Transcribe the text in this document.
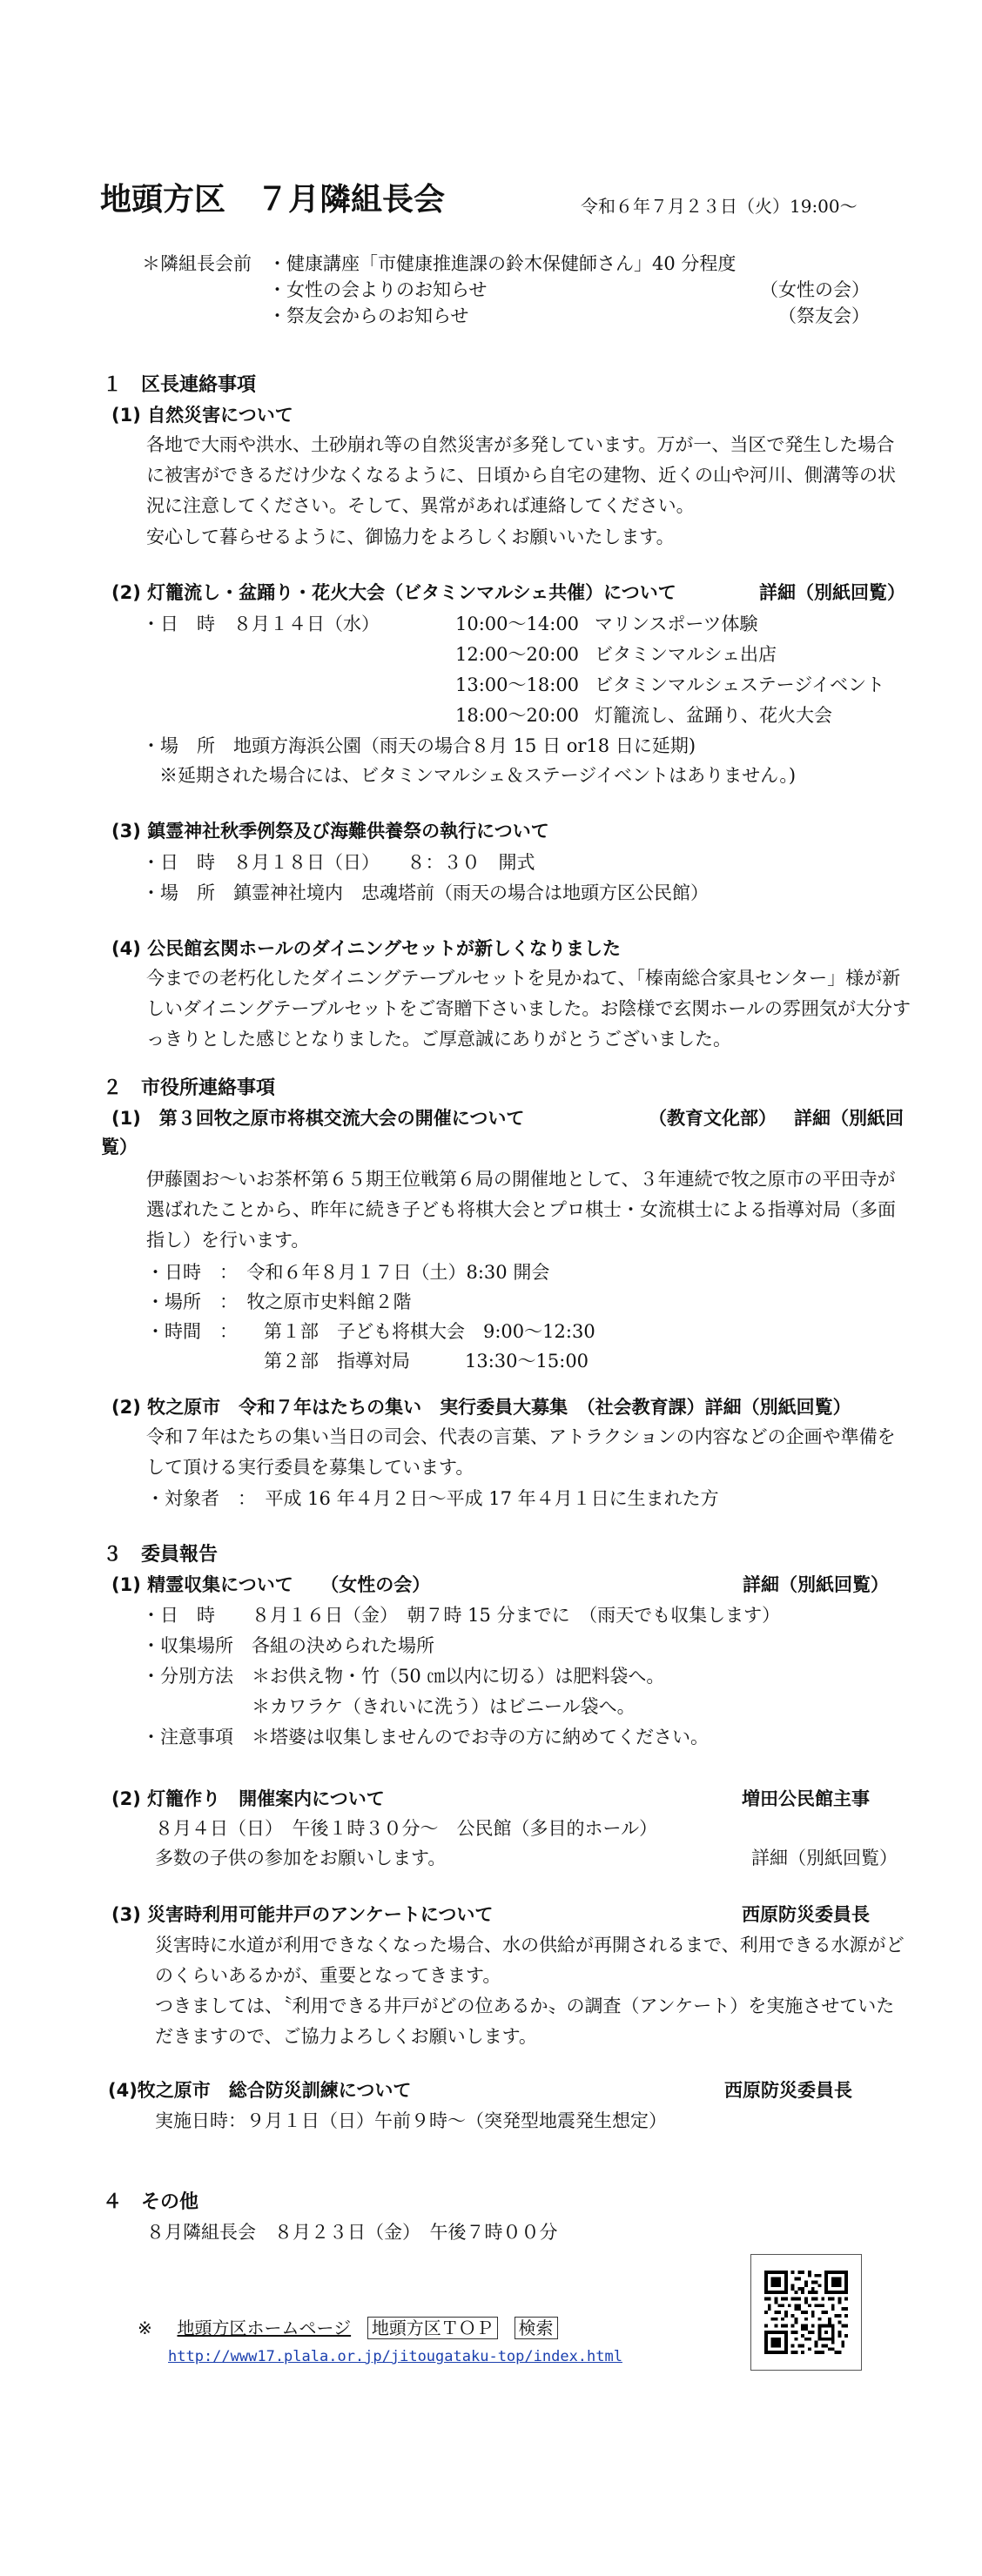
地頭方区　７月隣組長会	令和６年７月２３日（火）19:00～
＊隣組長会前 ・健康講座「市健康推進課の鈴木保健師さん」40 分程度
・女性の会よりのお知らせ	（女性の会）
・祭友会からのお知らせ	（祭友会）
１　区長連絡事項
(1) 自然災害について
各地で大雨や洪水、土砂崩れ等の自然災害が多発しています。万が一、当区で発生した場合に被害ができるだけ少なくなるように、日頃から自宅の建物、近くの山や河川、側溝等の状況に注意してください。そして、異常があれば連絡してください。
安心して暮らせるように、御協力をよろしくお願いいたします。
(2) 灯籠流し・盆踊り・花火大会（ビタミンマルシェ共催）について	詳細（別紙回覧）
・日　時　８月１４日（水）	10:00～14:00 マリンスポーツ体験
12:00～20:00 ビタミンマルシェ出店
13:00～18:00 ビタミンマルシェステージイベント
18:00～20:00 灯籠流し、盆踊り、花火大会
・場　所　地頭方海浜公園（雨天の場合８月 15 日 or18 日に延期)
※延期された場合には、ビタミンマルシェ＆ステージイベントはありません。)
(3) 鎮霊神社秋季例祭及び海難供養祭の執行について
・日　時　８月１８日（日）　　８：３０　開式
・場　所　鎮霊神社境内　忠魂塔前（雨天の場合は地頭方区公民館）
(4) 公民館玄関ホールのダイニングセットが新しくなりました
今までの老朽化したダイニングテーブルセットを見かねて、「榛南総合家具センター」様が新しいダイニングテーブルセットをご寄贈下さいました。お陰様で玄関ホールの雰囲気が大分すっきりとした感じとなりました。ご厚意誠にありがとうございました。
２　市役所連絡事項
(1)　第３回牧之原市将棋交流大会の開催について	（教育文化部） 詳細（別紙回
覧）
伊藤園お～いお茶杯第６５期王位戦第６局の開催地として、３年連続で牧之原市の平田寺が選ばれたことから、昨年に続き子ども将棋大会とプロ棋士・女流棋士による指導対局（多面指し）を行います。
・日時　：　令和６年８月１７日（土）8:30 開会
・場所　：　牧之原市史料館２階
・時間　： 第１部　子ども将棋大会　9:00～12:30
第２部　指導対局　　　13:30～15:00
(2) 牧之原市　令和７年はたちの集い　実行委員大募集　（社会教育課）詳細（別紙回覧）
令和７年はたちの集い当日の司会、代表の言葉、アトラクションの内容などの企画や準備をして頂ける実行委員を募集しています。
・対象者　：　平成 16 年４月２日～平成 17 年４月１日に生まれた方
３　委員報告
(1) 精霊収集について　　（女性の会）	詳細（別紙回覧）
・日　時　　８月１６日（金）　朝７時 15 分までに　（雨天でも収集します）
・収集場所　各組の決められた場所
・分別方法　＊お供え物・竹（50 ㎝以内に切る）は肥料袋へ。
　　　　　　＊カワラケ（きれいに洗う）はビニール袋へ。
・注意事項　＊塔婆は収集しませんのでお寺の方に納めてください。
(2) 灯籠作り　開催案内について	増田公民館主事
８月４日（日）　午後１時３０分～　公民館（多目的ホール）
多数の子供の参加をお願いします。	詳細（別紙回覧）
(3) 災害時利用可能井戸のアンケートについて	西原防災委員長
災害時に水道が利用できなくなった場合、水の供給が再開されるまで、利用できる水源がどのくらいあるかが、重要となってきます。
つきましては、〝利用できる井戸がどの位あるか〟の調査（アンケート）を実施させていただきますので、ご協力よろしくお願いします。
(4)牧之原市　総合防災訓練について	西原防災委員長
実施日時：９月１日（日）午前９時～（突発型地震発生想定）
４　その他
８月隣組長会　８月２３日（金）　午後７時００分
※ 地頭方区ホームページ 地頭方区ＴＯＰ 検索
http://www17.plala.or.jp/jitougataku-top/index.html
